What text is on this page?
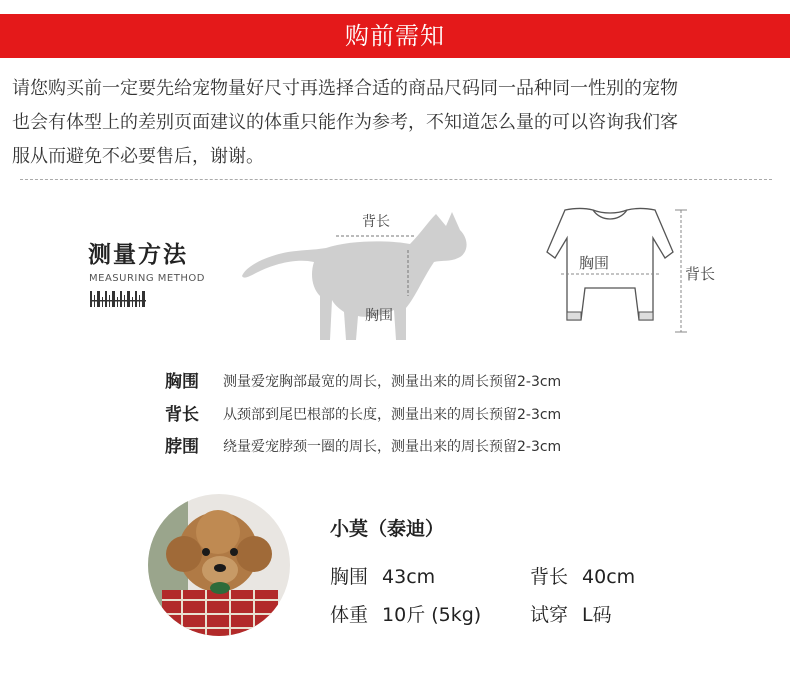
购前需知

请您购买前一定要先给宠物量好尺寸再选择合适的商品尺码同一品种同一性别的宠物

也会有体型上的差别页面建议的体重只能作为参考，不知道怎么量的可以咨询我们客

服从而避免不必要售后，谢谢。

测量方法
MEASURING METHOD
背长
胸围
胸围
背长
胸围 测量爱宠胸部最宽的周长，测量出来的周长预留2-3cm
背长 从颈部到尾巴根部的长度，测量出来的周长预留2-3cm
脖围 绕量爱宠脖颈一圈的周长，测量出来的周长预留2-3cm
小莫（泰迪）
胸围 43cm	背长 40cm
体重 10斤 (5kg)	试穿 L码
